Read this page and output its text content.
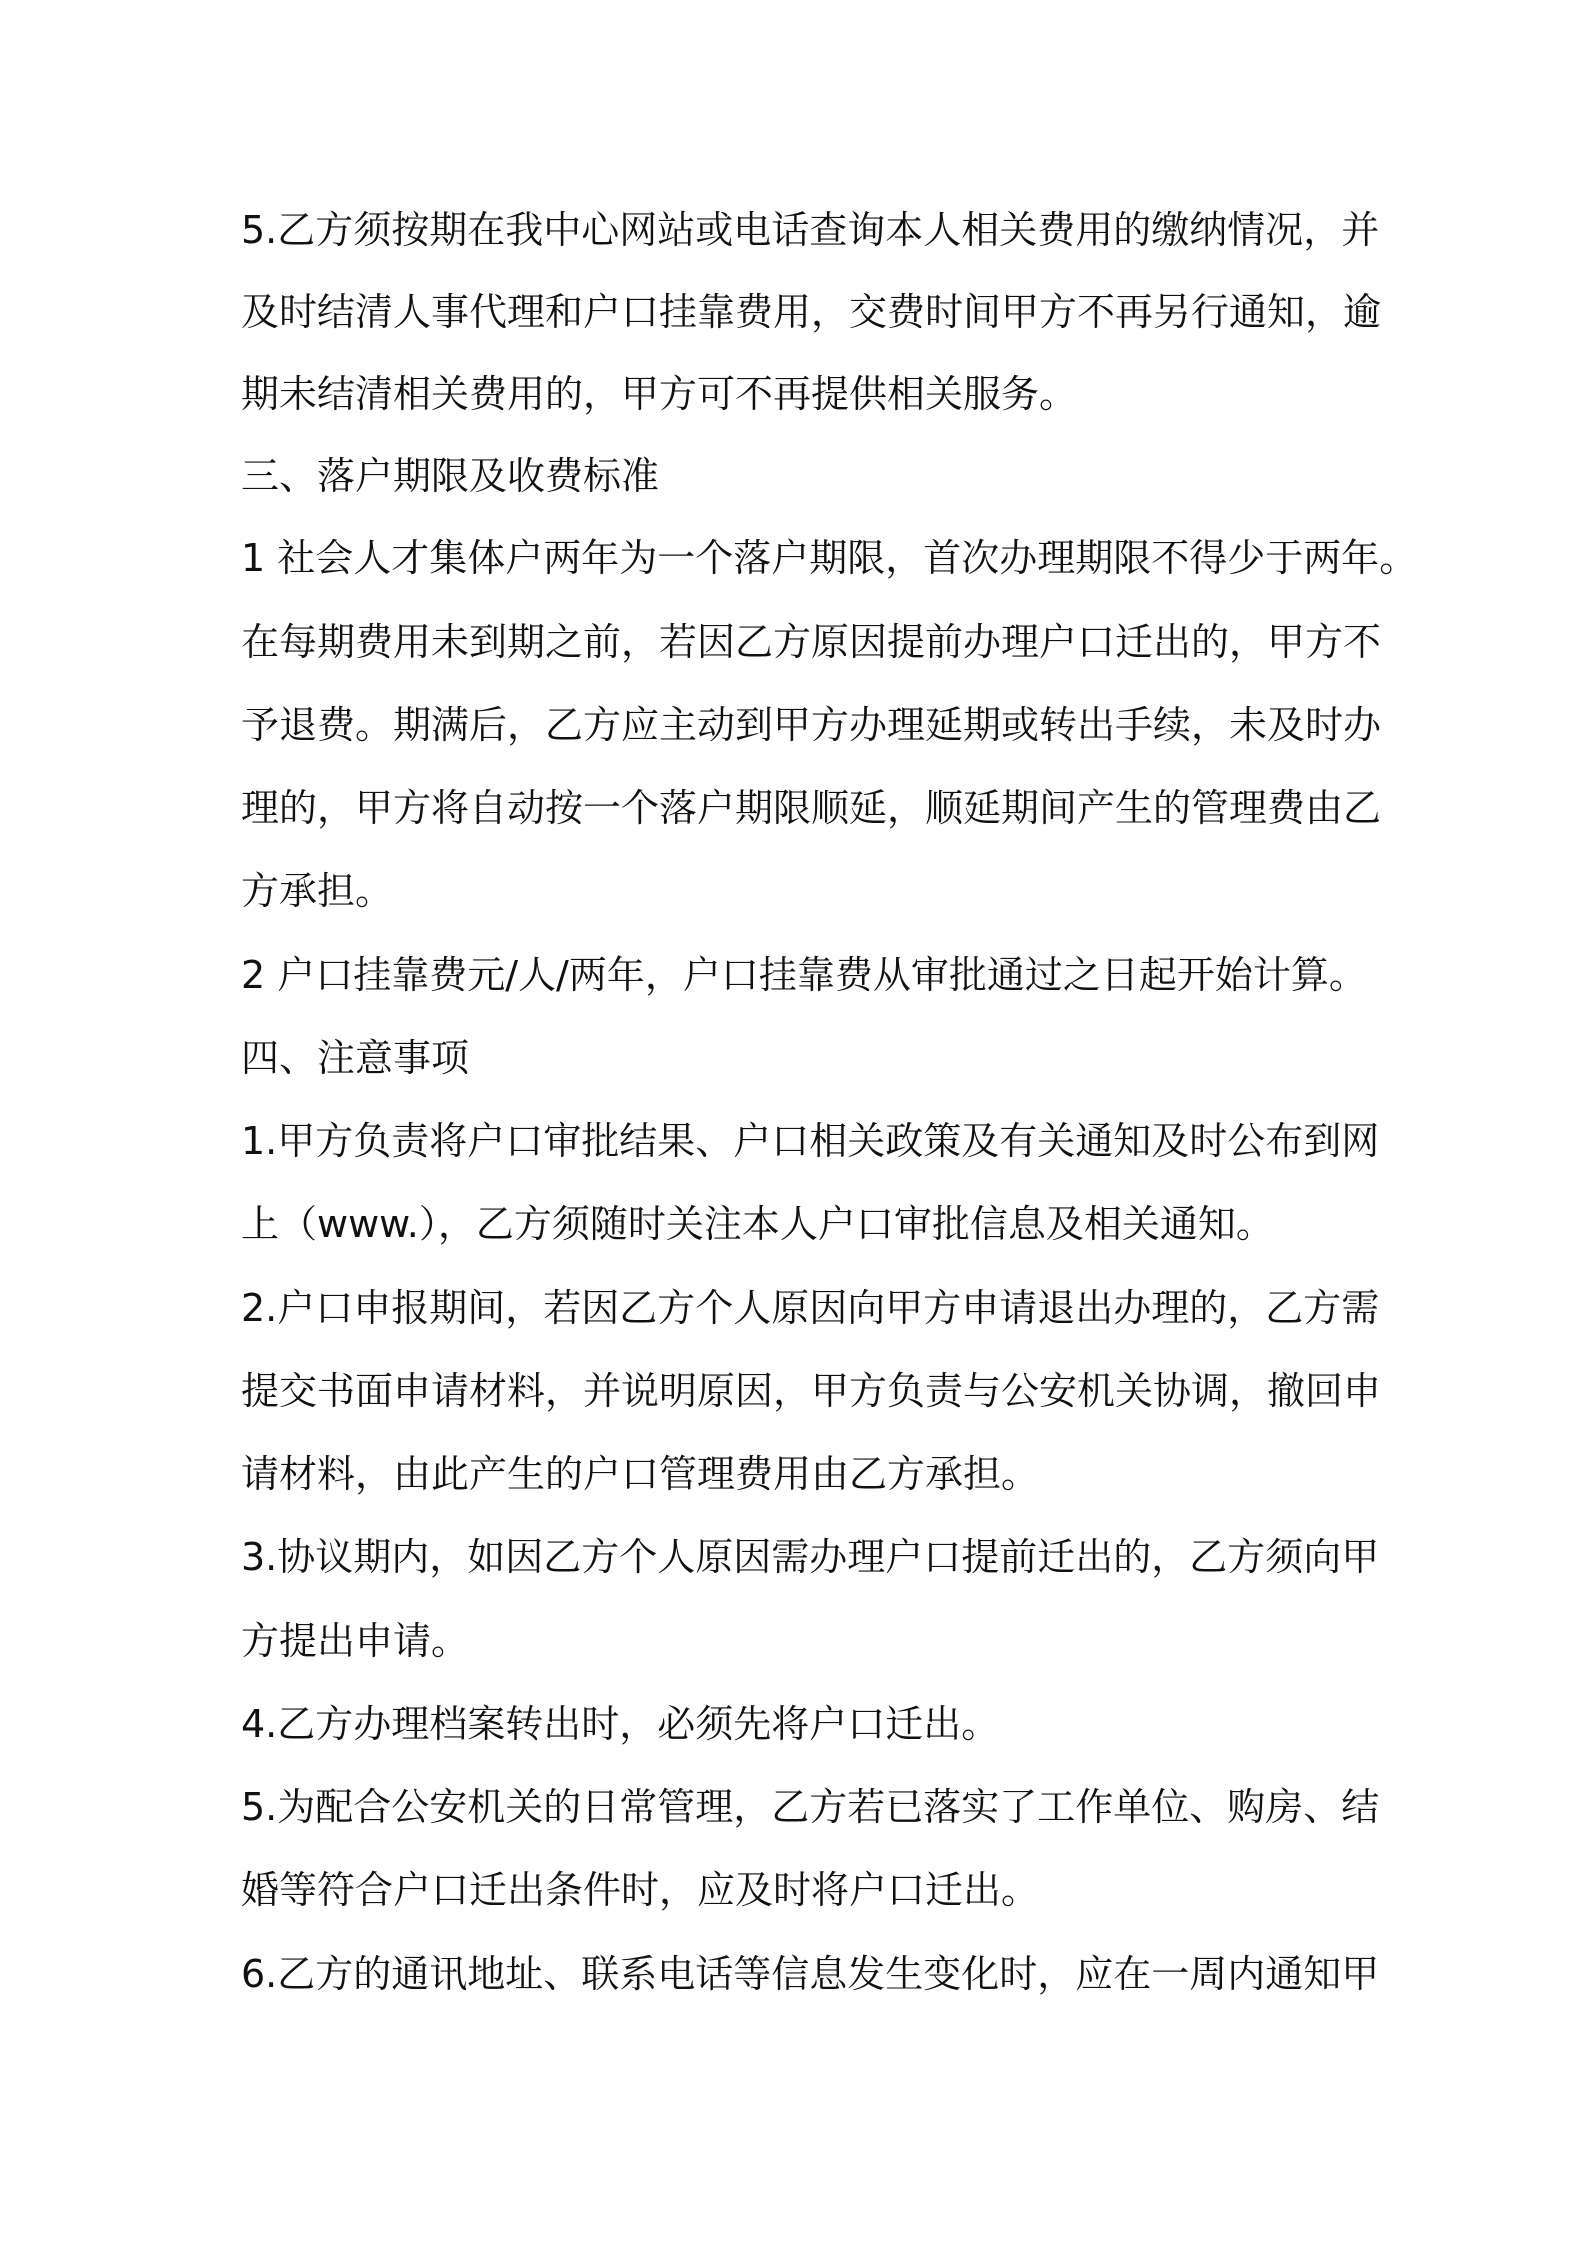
5.乙方须按期在我中心网站或电话查询本人相关费用的缴纳情况，并
及时结清人事代理和户口挂靠费用，交费时间甲方不再另行通知，逾
期未结清相关费用的，甲方可不再提供相关服务。
三、落户期限及收费标准
1 社会人才集体户两年为一个落户期限，首次办理期限不得少于两年。
在每期费用未到期之前，若因乙方原因提前办理户口迁出的，甲方不
予退费。期满后，乙方应主动到甲方办理延期或转出手续，未及时办
理的，甲方将自动按一个落户期限顺延，顺延期间产生的管理费由乙
方承担。
2 户口挂靠费元/人/两年，户口挂靠费从审批通过之日起开始计算。
四、注意事项
1.甲方负责将户口审批结果、户口相关政策及有关通知及时公布到网
上（www.），乙方须随时关注本人户口审批信息及相关通知。
2.户口申报期间，若因乙方个人原因向甲方申请退出办理的，乙方需
提交书面申请材料，并说明原因，甲方负责与公安机关协调，撤回申
请材料，由此产生的户口管理费用由乙方承担。
3.协议期内，如因乙方个人原因需办理户口提前迁出的，乙方须向甲
方提出申请。
4.乙方办理档案转出时，必须先将户口迁出。
5.为配合公安机关的日常管理，乙方若已落实了工作单位、购房、结
婚等符合户口迁出条件时，应及时将户口迁出。
6.乙方的通讯地址、联系电话等信息发生变化时，应在一周内通知甲
